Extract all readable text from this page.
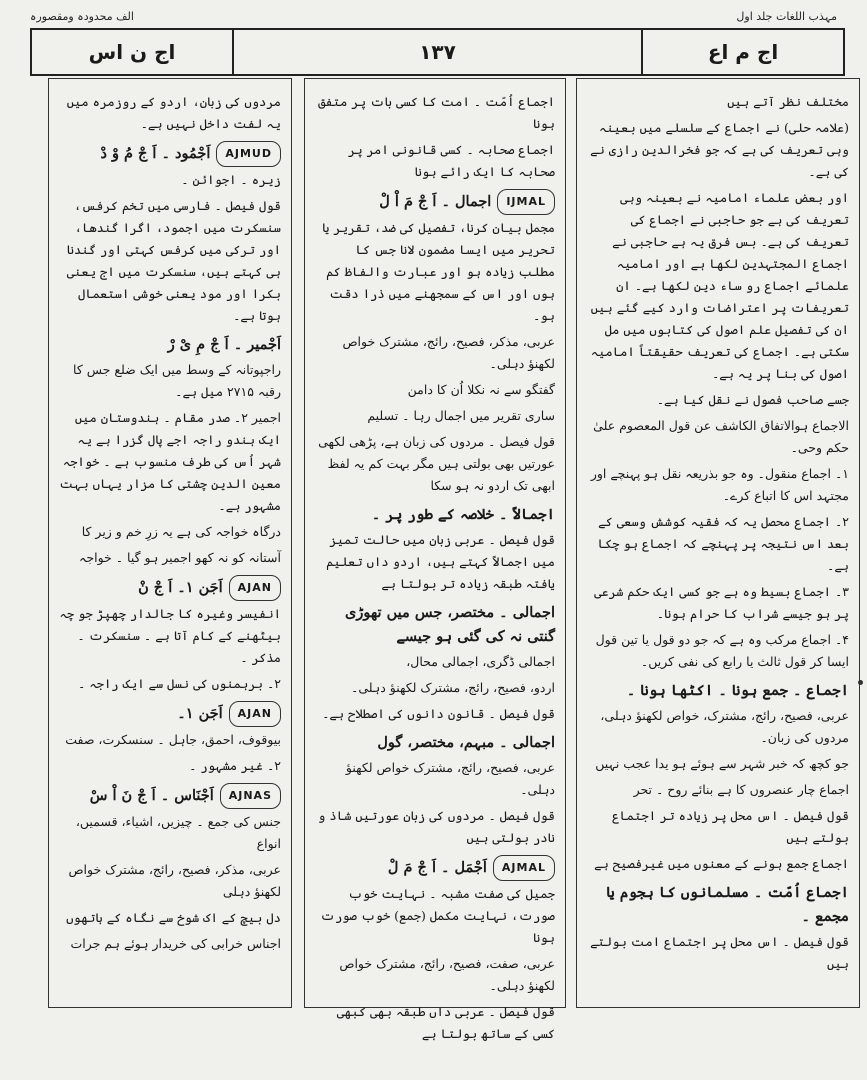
الف محدودہ ومقصورہ	مہذب اللغات جلد اول
اج ن اس	۱۳۷	اج م اع
مردوں کی زبان، اردو کے روزمرہ میں یہ لفت داخل نہیں ہے۔
AJMUDاَجْمُود ۔ اَ جْ مُ وْ دْ
زیرہ ۔ اجوائن ۔
قول فیصل ۔ فارسی میں تخم کرفس، سنسکرت میں اجمود، اگرا گندھا، اور ترکی میں کرفس کہتی اور گندنا ہی کہتے ہیں، سنسکرت میں اج یعنی بکرا اور مود یعنی خوشی استعمال ہوتا ہے۔
اَجْمیر ۔ اَ جْ مِ یْ رْ
راجپوتانہ کے وسط میں ایک ضلع جس کا رقبہ ۲۷۱۵ میل ہے۔
اجمیر ۲۔ صدر مقام ۔ ہندوستان میں ایک ہندو راجہ اجے پال گزرا ہے یہ شہر اُس کی طرف منسوب ہے ۔ خواجہ معین الدین چشتی کا مزار یہاں بہت مشہور ہے۔
درگاہ خواجہ کی ہے یہ زرِ خم و زیر کا
آستانہ کو نہ کھو اجمیر ہو گیا ۔ خواجہ
AJANاَجَن ۱۔ اَ جْ نْ
انفیسر وغیرہ کا جالدار چھپڑ جو چہ بیٹھنے کے کام آتا ہے ۔ سنسکرت ۔ مذکر ۔
۲۔ برہمنوں کی نسل سے ایک راجہ ۔
AJANاَجَن ۱۔
بیوقوف، احمق، جاہل ۔ سنسکرت، صفت
۲۔ غیر مشہور ۔
AJNASاَجْنَاس ۔ اَ جْ نَ اْ سْ
جنس کی جمع ۔ چیزیں، اشیاء، قسمیں، انواع
عربی، مذکر، فصیح، رائج، مشترک خواص لکھنؤ دہلی
دل بیچ کے اک شوخ سے نگاہ کے ہاتھوں
اجناس خرابی کی خریدار ہوئے ہم جرات
اجماع اُمّت ۔ امت کا کسی بات پر متفق ہونا
اجماع صحابہ ۔ کسی قانونی امر پر صحابہ کا ایک رائے ہونا
IJMALاجمال ۔ اَ جْ مَ اْ لْ
مجمل بیان کرنا، تفصیل کی ضد، تقریر یا تحریر میں ایسا مضمون لانا جس کا مطلب زیادہ ہو اور عبارت والفاظ کم ہوں اور اس کے سمجھنے میں ذرا دقت ہو۔
عربی، مذکر، فصیح، رائج، مشترک خواص لکھنؤ دہلی۔
گفتگو سے نہ نکلا اُن کا دامن
ساری تقریر میں اجمال رہا ۔ تسلیم
قول فیصل ۔ مردوں کی زبان ہے، پڑھی لکھی عورتیں بھی بولتی ہیں مگر بہت کم یہ لفظ ابھی تک اردو نہ ہو سکا
اجمالاً ۔ خلاصہ کے طور پر ۔
قول فیصل ۔ عربی زبان میں حالت تمیز میں اجمالاً کہتے ہیں، اردو داں تعلیم یافتہ طبقہ زیادہ تر بولتا ہے
اجمالی ۔ مختصر، جس میں تھوڑی گنتی نہ کی گئی ہو جیسے
اجمالی ڈگری، اجمالی محال،
اردو، فصیح، رائج، مشترک لکھنؤ دہلی۔
قول فیصل ۔ قانون دانوں کی اصطلاح ہے۔
اجمالی ۔ مبہم، مختصر، گول
عربی، فصیح، رائج، مشترک خواص لکھنؤ دہلی۔
قول فیصل ۔ مردوں کی زبان عورتیں شاذ و نادر بولتی ہیں
AJMALاَجْمَل ۔ اَ جْ مَ لْ
جمیل کی صفت مشبہ ۔ نہایت خوب صورت، نہایت مکمل (جمع) خوب صورت ہونا
عربی، صفت، فصیح، رائج، مشترک خواص لکھنؤ دہلی۔
قول فیصل ۔ عربی داں طبقہ بھی کبھی کسی کے ساتھ بولتا ہے
مختلف نظر آتے ہیں
(علامہ حلی) نے اجماع کے سلسلے میں بعینہ وہی تعریف کی ہے کہ جو فخرالدین رازی نے کی ہے۔
اور بعض علماء امامیہ نے بعینہ وہی تعریف کی ہے جو حاجبی نے اجماع کی تعریف کی ہے۔ بس فرق یہ ہے حاجبی نے اجماع المجتہدین لکھا ہے اور امامیہ علمائے اجماع رو ساء دین لکھا ہے۔ ان تعریفات پر اعتراضات وارد کیے گئے ہیں ان کی تفصیل علم اصول کی کتابوں میں مل سکتی ہے۔ اجماع کی تعریف حقیقتاً امامیہ اصول کی بنا پر یہ ہے۔
جسے صاحب فصول نے نقل کیا ہے۔
الاجماع ہوالاتفاق الکاشف عن قول المعصوم علیٰ حکم وحی۔
۱۔ اجماع منقول۔ وہ جو بذریعہ نقل ہو پہنچے اور مجتہد اس کا اتباع کرے۔
۲۔ اجماع محصل یہ کہ فقیہ کوشش وسعی کے بعد اس نتیجہ پر پہنچے کہ اجماع ہو چکا ہے۔
۳۔ اجماع بسیط وہ ہے جو کسی ایک حکم شرعی پر ہو جیسے شراب کا حرام ہونا۔
۴۔ اجماع مرکب وہ ہے کہ جو دو قول یا تین قول ایسا کر قول ثالث یا رابع کی نفی کریں۔
اجماع ۔ جمع ہونا ۔ اکٹھا ہونا ۔
عربی، فصیح، رائج، مشترک، خواص لکھنؤ دہلی، مردوں کی زبان۔
جو کچھ کہ خبر شہر سے ہوئے ہو یدا عجب نہیں
اجماع چار عنصروں کا ہے بنائے روح ۔ تحر
قول فیصل ۔ اس محل پر زیادہ تر اجتماع بولتے ہیں
اجماع جمع ہونے کے معنوں میں غیرفصیح ہے
اجماع اُمّت ۔ مسلمانوں کا ہجوم یا مجمع ۔
قول فیصل ۔ اس محل پر اجتماع امت بولتے ہیں
